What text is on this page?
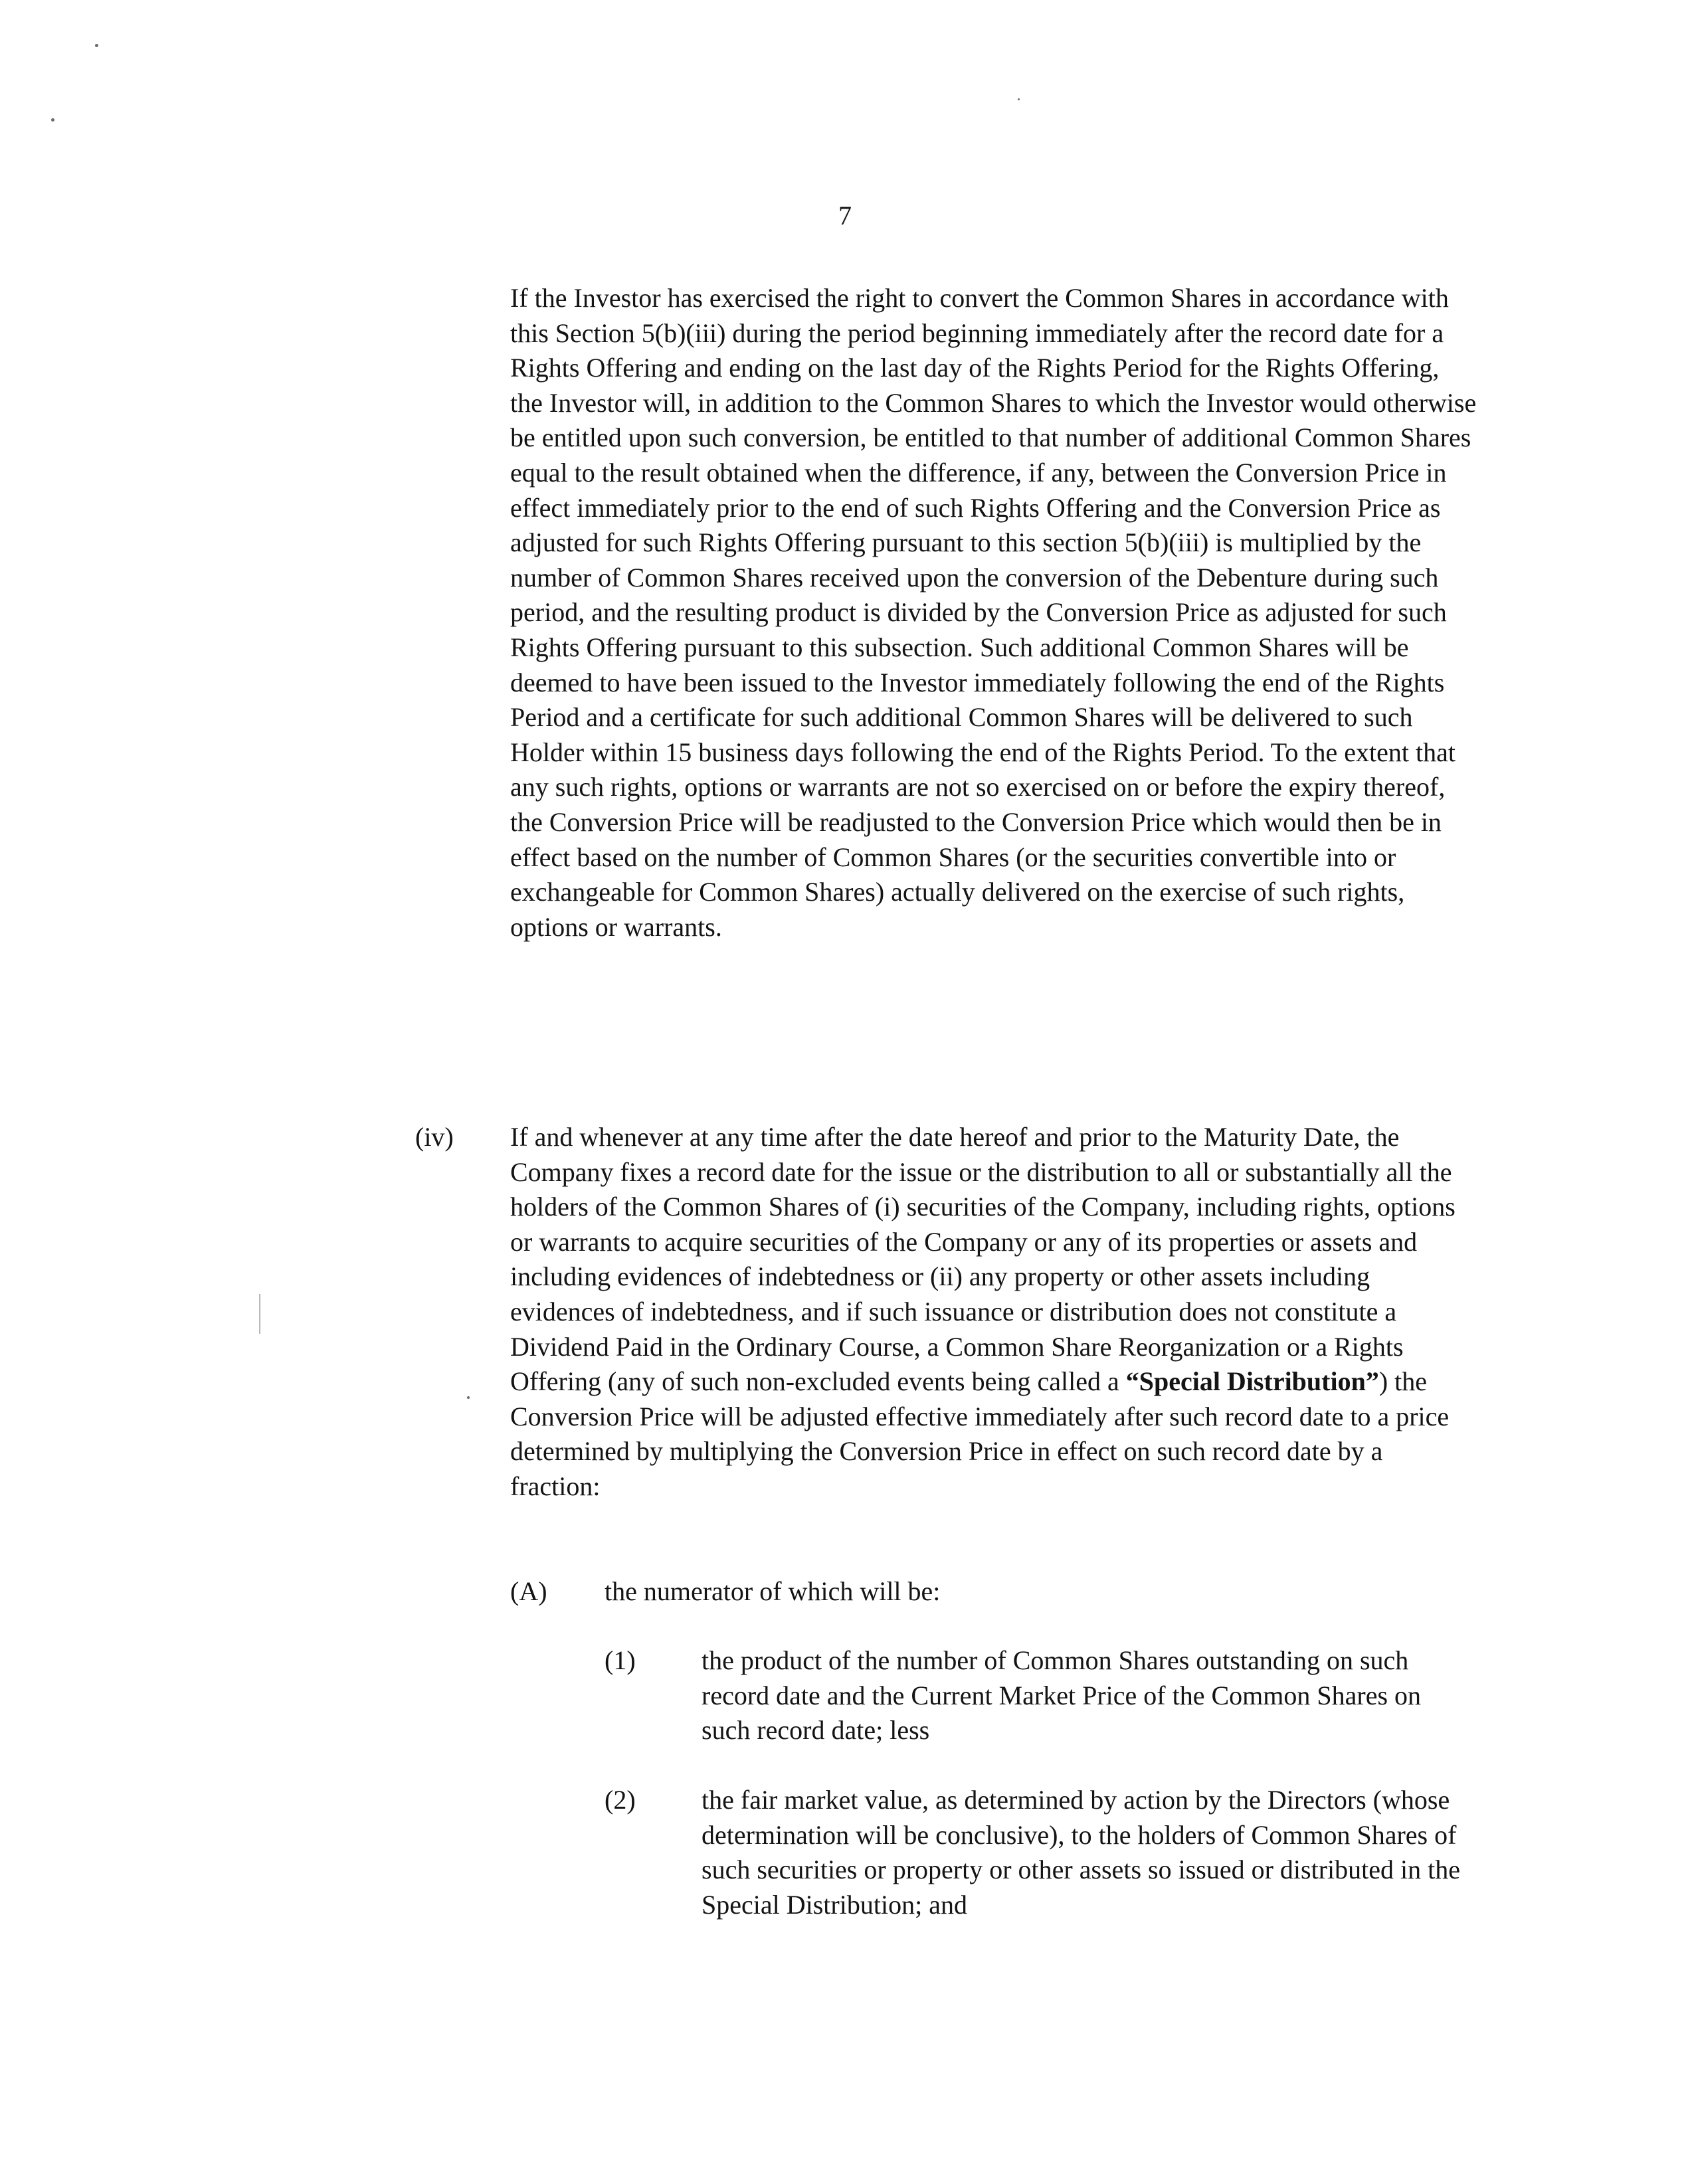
7

If the Investor has exercised the right to convert the Common Shares in accordance with this Section 5(b)(iii) during the period beginning immediately after the record date for a Rights Offering and ending on the last day of the Rights Period for the Rights Offering, the Investor will, in addition to the Common Shares to which the Investor would otherwise be entitled upon such conversion, be entitled to that number of additional Common Shares equal to the result obtained when the difference, if any, between the Conversion Price in effect immediately prior to the end of such Rights Offering and the Conversion Price as adjusted for such Rights Offering pursuant to this section 5(b)(iii) is multiplied by the number of Common Shares received upon the conversion of the Debenture during such period, and the resulting product is divided by the Conversion Price as adjusted for such Rights Offering pursuant to this subsection. Such additional Common Shares will be deemed to have been issued to the Investor immediately following the end of the Rights Period and a certificate for such additional Common Shares will be delivered to such Holder within 15 business days following the end of the Rights Period. To the extent that any such rights, options or warrants are not so exercised on or before the expiry thereof, the Conversion Price will be readjusted to the Conversion Price which would then be in effect based on the number of Common Shares (or the securities convertible into or exchangeable for Common Shares) actually delivered on the exercise of such rights, options or warrants.

(iv) If and whenever at any time after the date hereof and prior to the Maturity Date, the Company fixes a record date for the issue or the distribution to all or substantially all the holders of the Common Shares of (i) securities of the Company, including rights, options or warrants to acquire securities of the Company or any of its properties or assets and including evidences of indebtedness or (ii) any property or other assets including evidences of indebtedness, and if such issuance or distribution does not constitute a Dividend Paid in the Ordinary Course, a Common Share Reorganization or a Rights Offering (any of such non-excluded events being called a “Special Distribution”) the Conversion Price will be adjusted effective immediately after such record date to a price determined by multiplying the Conversion Price in effect on such record date by a fraction:

(A) the numerator of which will be:
(1) the product of the number of Common Shares outstanding on such record date and the Current Market Price of the Common Shares on such record date; less
(2) the fair market value, as determined by action by the Directors (whose determination will be conclusive), to the holders of Common Shares of such securities or property or other assets so issued or distributed in the Special Distribution; and
